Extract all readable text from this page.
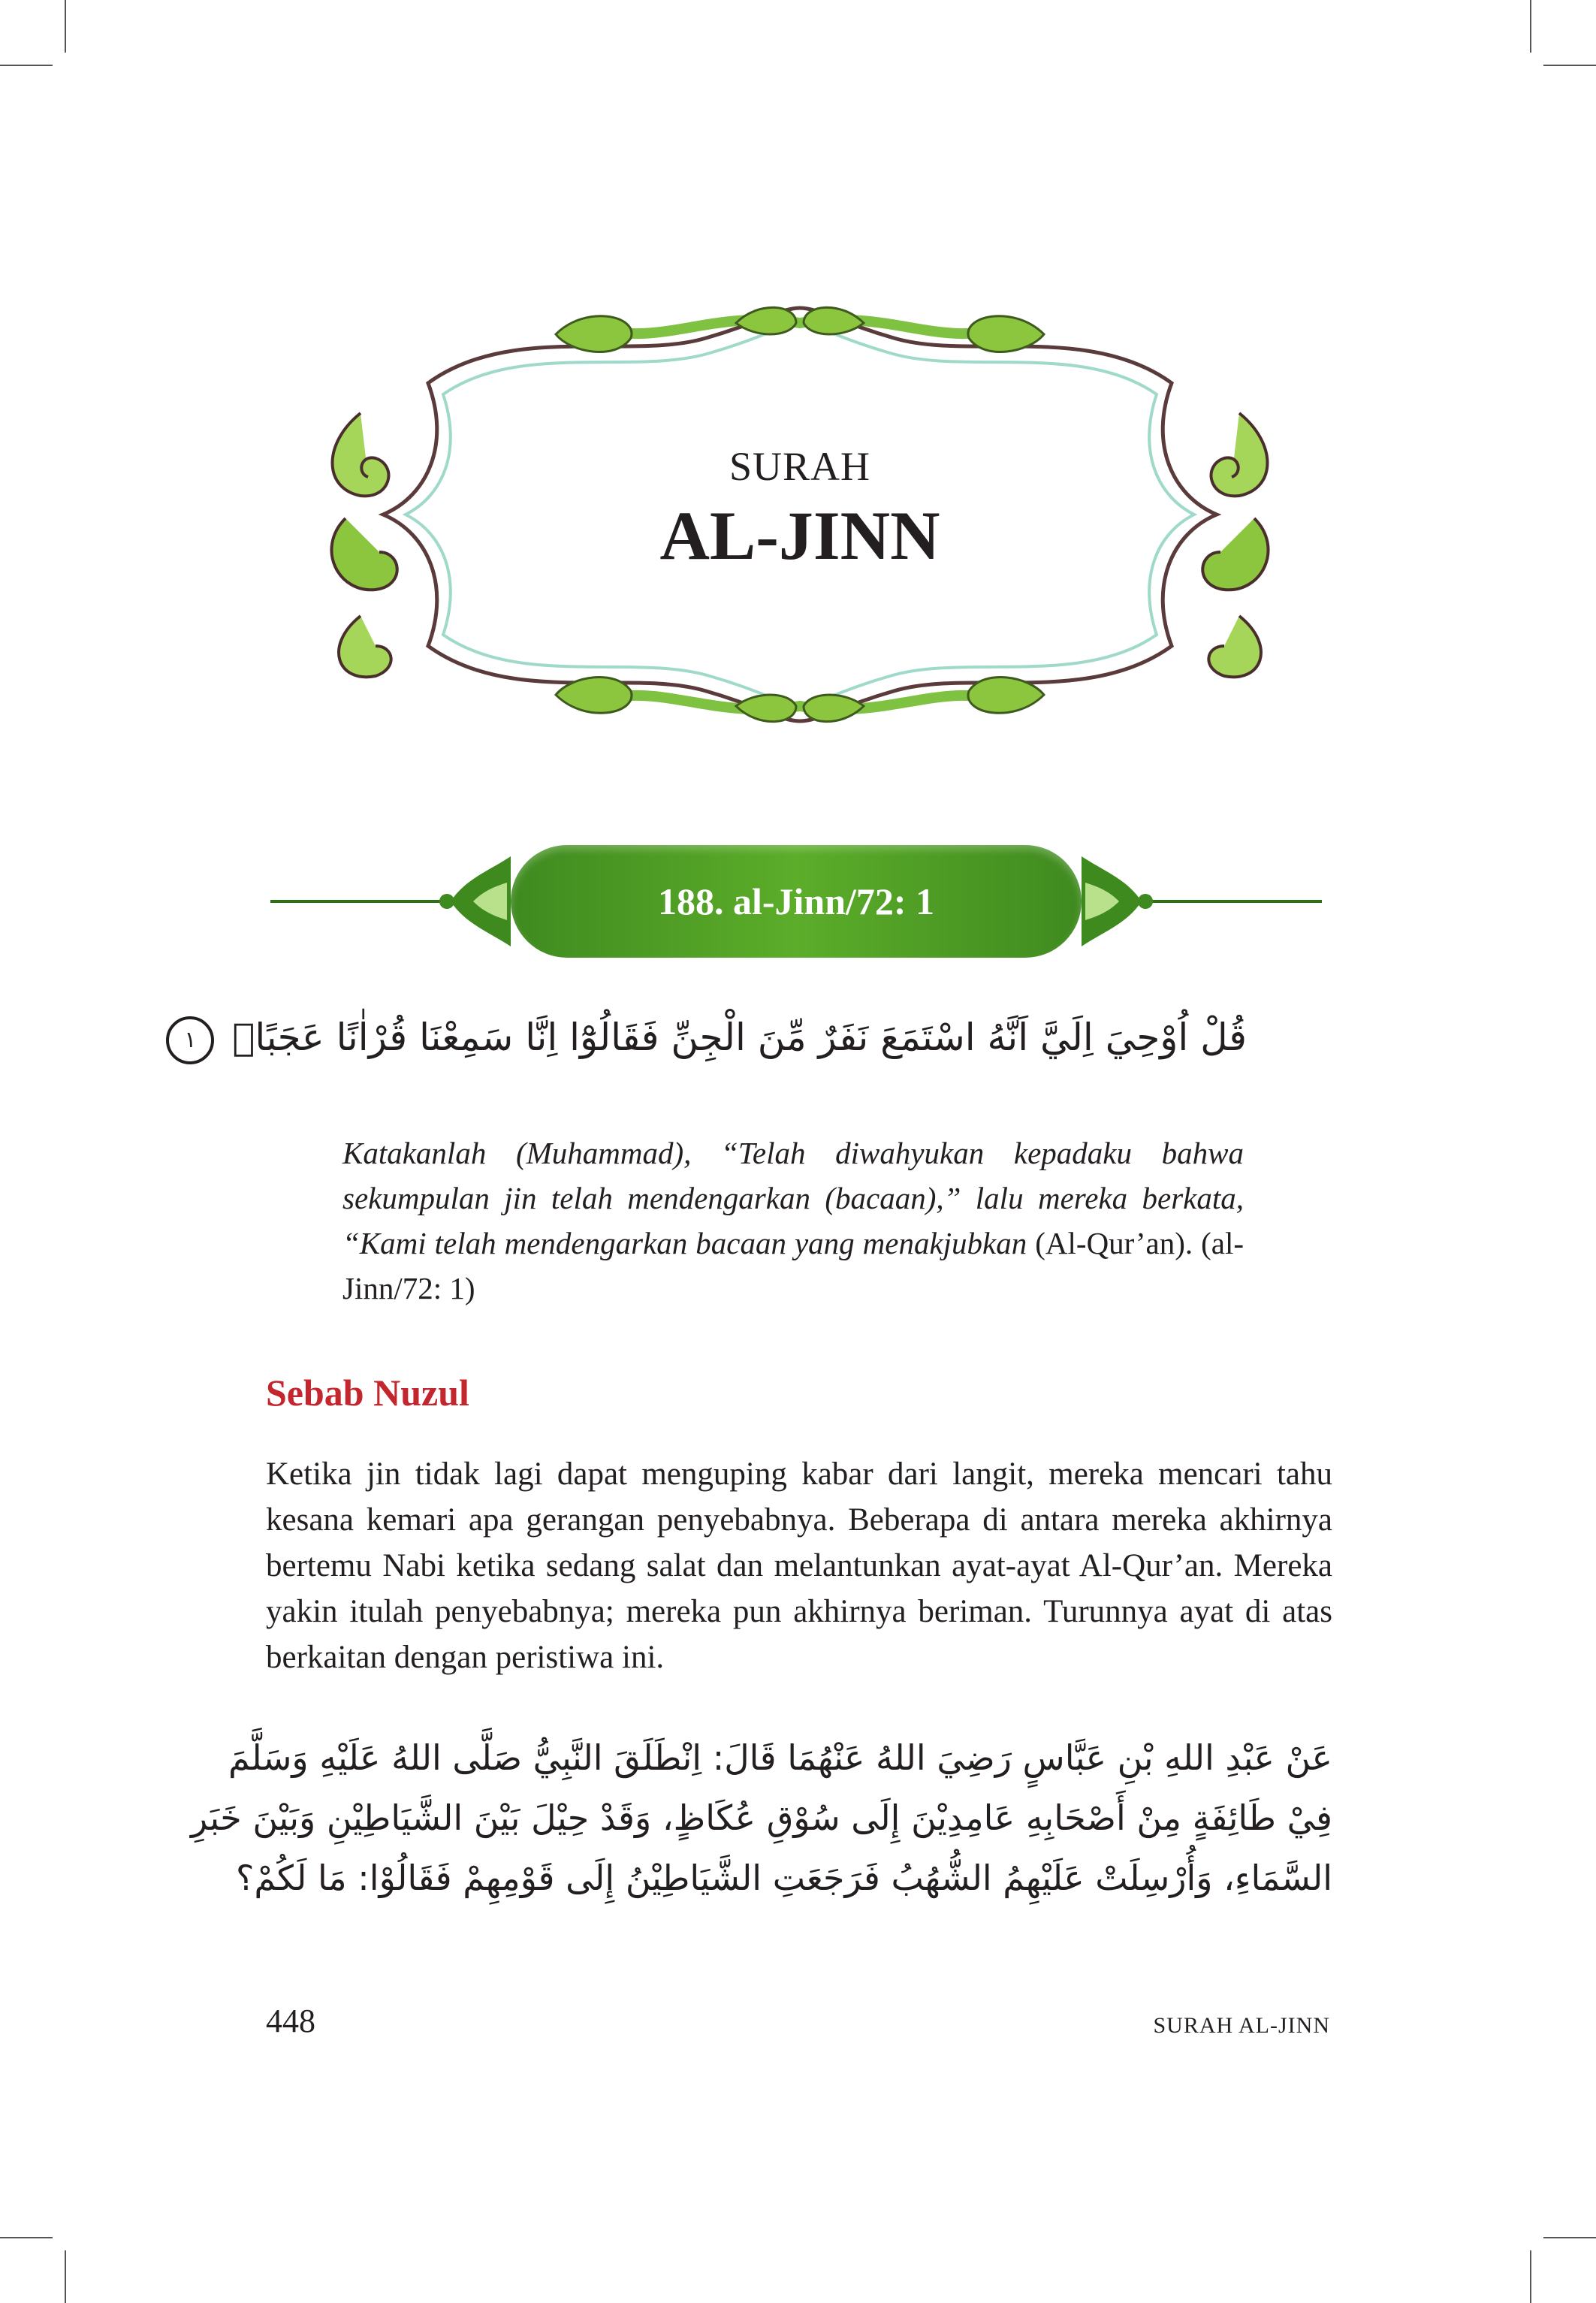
SURAH
AL-JINN
188. al-Jinn/72: 1
قُلْ اُوْحِيَ اِلَيَّ اَنَّهُ اسْتَمَعَ نَفَرٌ مِّنَ الْجِنِّ فَقَالُوْٓا اِنَّا سَمِعْنَا قُرْاٰنًا عَجَبًاۙ ١
Katakanlah (Muhammad), “Telah diwahyukan kepadaku bahwa sekumpulan jin telah mendengarkan (bacaan),” lalu mereka berkata, “Kami telah mendengarkan bacaan yang menakjubkan (Al-Qur’an). (al-Jinn/72: 1)
Sebab Nuzul

Ketika jin tidak lagi dapat menguping kabar dari langit, mereka mencari tahu kesana kemari apa gerangan penyebabnya. Beberapa di antara mereka akhirnya bertemu Nabi ketika sedang salat dan melantunkan ayat-ayat Al-Qur’an. Mereka yakin itulah penyebabnya; mereka pun akhirnya beriman. Turunnya ayat di atas berkaitan dengan peristiwa ini.

عَنْ عَبْدِ اللهِ بْنِ عَبَّاسٍ رَضِيَ اللهُ عَنْهُمَا قَالَ: اِنْطَلَقَ النَّبِيُّ صَلَّى اللهُ عَلَيْهِ وَسَلَّمَ
فِيْ طَائِفَةٍ مِنْ أَصْحَابِهِ عَامِدِيْنَ إِلَى سُوْقِ عُكَاظٍ، وَقَدْ حِيْلَ بَيْنَ الشَّيَاطِيْنِ وَبَيْنَ خَبَرِ
السَّمَاءِ، وَأُرْسِلَتْ عَلَيْهِمُ الشُّهُبُ فَرَجَعَتِ الشَّيَاطِيْنُ إِلَى قَوْمِهِمْ فَقَالُوْا: مَا لَكُمْ؟
448	SURAH AL-JINN
